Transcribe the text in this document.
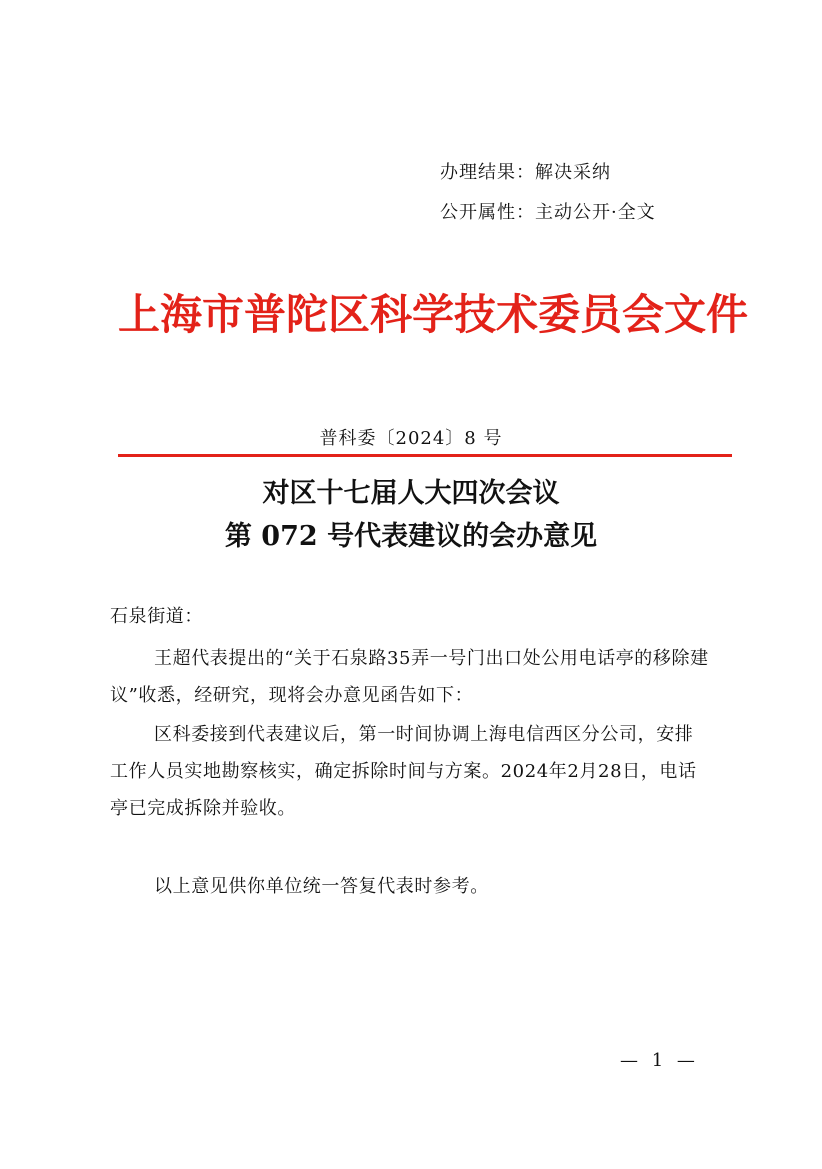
办理结果：解决采纳
公开属性：主动公开·全文
上海市普陀区科学技术委员会文件
普科委〔2024〕8 号
对区十七届人大四次会议
第 072 号代表建议的会办意见
石泉街道：
王超代表提出的“关于石泉路35弄一号门出口处公用电话亭的移除建议”收悉，经研究，现将会办意见函告如下：
区科委接到代表建议后，第一时间协调上海电信西区分公司，安排工作人员实地勘察核实，确定拆除时间与方案。2024年2月28日，电话亭已完成拆除并验收。
以上意见供你单位统一答复代表时参考。
— 1 —
